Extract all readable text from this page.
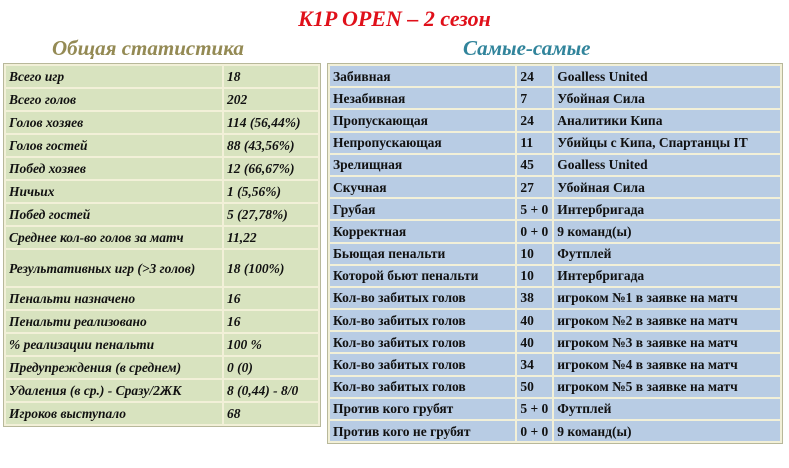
K1P OPEN – 2 сезон
Общая статистика	Самые-самые
Всего игр	18
Всего голов	202
Голов хозяев	114 (56,44%)
Голов гостей	88 (43,56%)
Побед хозяев	12 (66,67%)
Ничьих	1 (5,56%)
Побед гостей	5 (27,78%)
Среднее кол-во голов за матч	11,22
Результативных игр (>3 голов)	18 (100%)
Пенальти назначено	16
Пенальти реализовано	16
% реализации пенальти	100 %
Предупреждения (в среднем)	0 (0)
Удаления (в ср.) - Сразу/2ЖК	8 (0,44) - 8/0
Игроков выступало	68
Забивная	24	Goalless United
Незабивная	7	Убойная Сила
Пропускающая	24	Аналитики Кипа
Непропускающая	11	Убийцы с Кипа, Спартанцы IT
Зрелищная	45	Goalless United
Скучная	27	Убойная Сила
Грубая	5 + 0	Интербригада
Корректная	0 + 0	9 команд(ы)
Бьющая пенальти	10	Футплей
Которой бьют пенальти	10	Интербригада
Кол-во забитых голов	38	игроком №1 в заявке на матч
Кол-во забитых голов	40	игроком №2 в заявке на матч
Кол-во забитых голов	40	игроком №3 в заявке на матч
Кол-во забитых голов	34	игроком №4 в заявке на матч
Кол-во забитых голов	50	игроком №5 в заявке на матч
Против кого грубят	5 + 0	Футплей
Против кого не грубят	0 + 0	9 команд(ы)
